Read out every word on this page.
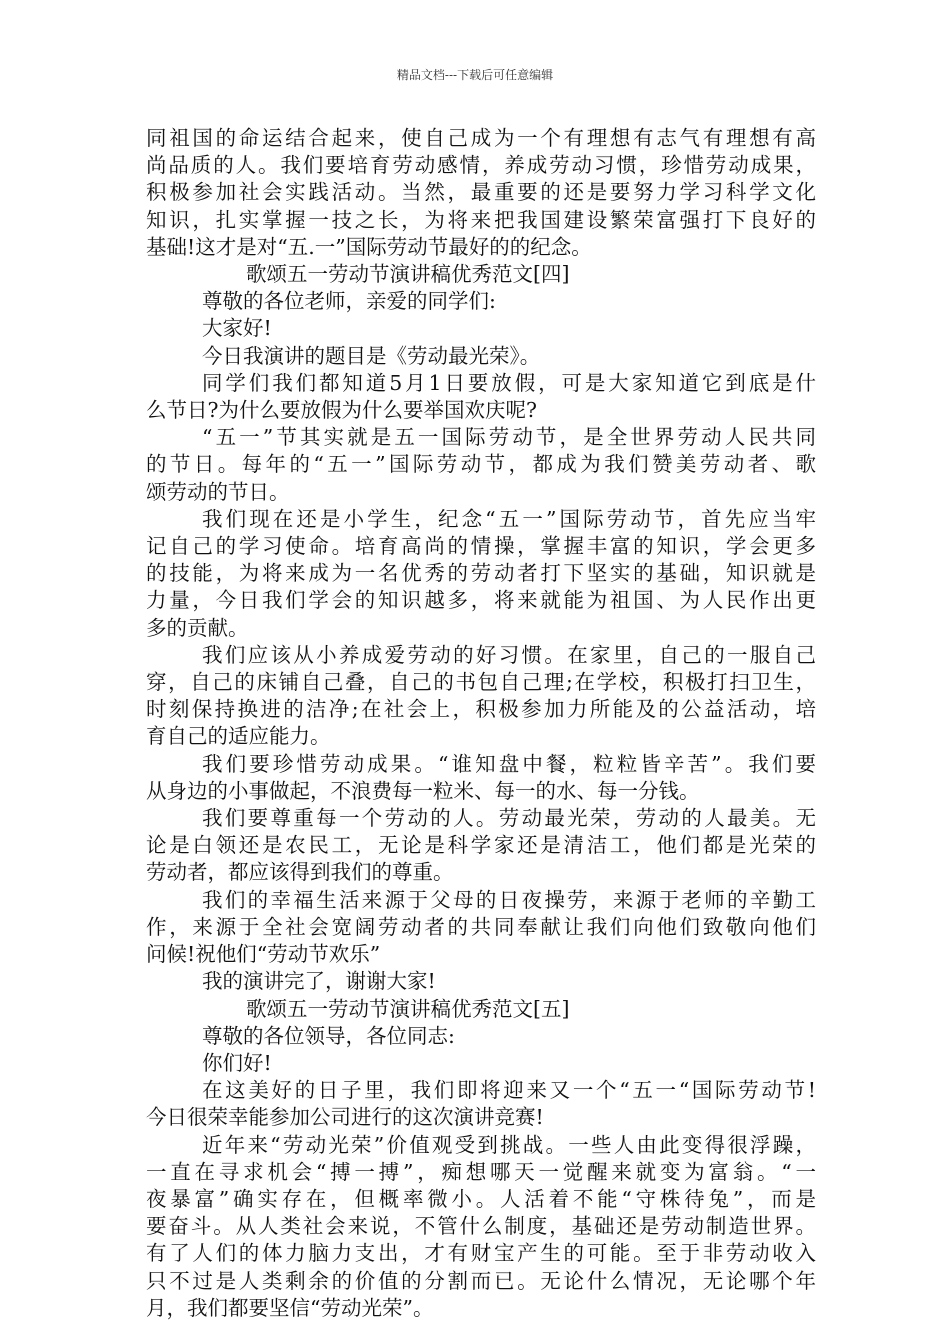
精品文档---下载后可任意编辑
同祖国的命运结合起来，使自己成为一个有理想有志气有理想有高
尚品质的人。我们要培育劳动感情，养成劳动习惯，珍惜劳动成果，
积极参加社会实践活动。当然，最重要的还是要努力学习科学文化
知识，扎实掌握一技之长，为将来把我国建设繁荣富强打下良好的
基础!这才是对“五.一”国际劳动节最好的的纪念。
歌颂五一劳动节演讲稿优秀范文[四]
尊敬的各位老师，亲爱的同学们:
大家好!
今日我演讲的题目是《劳动最光荣》。
同学们我们都知道5月1日要放假，可是大家知道它到底是什
么节日?为什么要放假为什么要举国欢庆呢?
“五一”节其实就是五一国际劳动节，是全世界劳动人民共同
的节日。每年的“五一”国际劳动节，都成为我们赞美劳动者、歌
颂劳动的节日。
我们现在还是小学生，纪念“五一”国际劳动节，首先应当牢
记自己的学习使命。培育高尚的情操，掌握丰富的知识，学会更多
的技能，为将来成为一名优秀的劳动者打下坚实的基础，知识就是
力量，今日我们学会的知识越多，将来就能为祖国、为人民作出更
多的贡献。
我们应该从小养成爱劳动的好习惯。在家里，自己的一服自己
穿，自己的床铺自己叠，自己的书包自己理;在学校，积极打扫卫生，
时刻保持换进的洁净;在社会上，积极参加力所能及的公益活动，培
育自己的适应能力。
我们要珍惜劳动成果。“谁知盘中餐，粒粒皆辛苦”。我们要
从身边的小事做起，不浪费每一粒米、每一的水、每一分钱。
我们要尊重每一个劳动的人。劳动最光荣，劳动的人最美。无
论是白领还是农民工，无论是科学家还是清洁工，他们都是光荣的
劳动者，都应该得到我们的尊重。
我们的幸福生活来源于父母的日夜操劳，来源于老师的辛勤工
作，来源于全社会宽阔劳动者的共同奉献让我们向他们致敬向他们
问候!祝他们“劳动节欢乐”
我的演讲完了，谢谢大家!
歌颂五一劳动节演讲稿优秀范文[五]
尊敬的各位领导，各位同志:
你们好!
在这美好的日子里，我们即将迎来又一个“五一“国际劳动节!
今日很荣幸能参加公司进行的这次演讲竞赛!
近年来“劳动光荣”价值观受到挑战。一些人由此变得很浮躁，
一直在寻求机会“搏一搏”，痴想哪天一觉醒来就变为富翁。“一
夜暴富”确实存在，但概率微小。人活着不能“守株待兔”，而是
要奋斗。从人类社会来说，不管什么制度，基础还是劳动制造世界。
有了人们的体力脑力支出，才有财宝产生的可能。至于非劳动收入
只不过是人类剩余的价值的分割而已。无论什么情况，无论哪个年
月，我们都要坚信“劳动光荣”。
